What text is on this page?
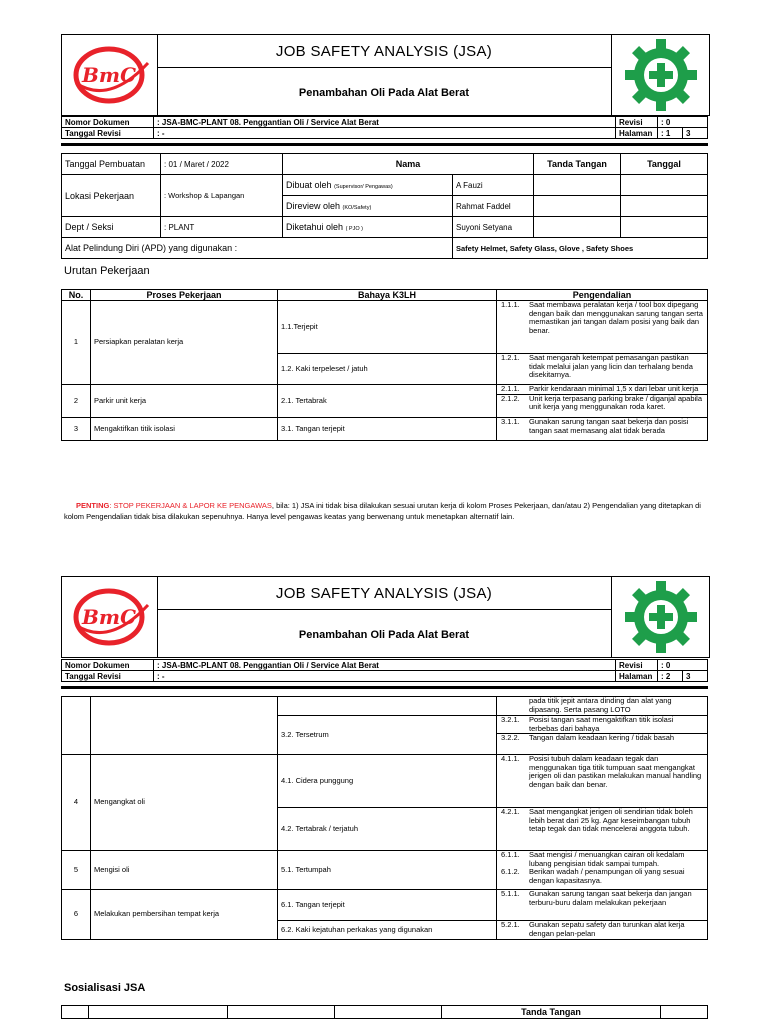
BmC
JOB SAFETY ANALYSIS (JSA)
Penambahan Oli Pada Alat Berat
Nomor Dokumen	: JSA-BMC-PLANT 08. Penggantian Oli / Service Alat Berat	Revisi	: 0	
Tanggal Revisi	: -	Halaman	: 1	3
Tanggal Pembuatan	: 01 / Maret / 2022	Nama		Tanda Tangan	Tanggal
Lokasi Pekerjaan	: Workshop & Lapangan	Dibuat oleh (Supervisor/ Pengawas)	A Fauzi		
		Direview oleh (KO/Safety)	Rahmat Faddel		
Dept / Seksi	: PLANT	Diketahui oleh ( PJO )	Suyoni Setyana		
Alat Pelindung Diri (APD) yang digunakan :			Safety Helmet, Safety Glass, Glove , Safety Shoes		
Urutan Pekerjaan
No.	Proses Pekerjaan	Bahaya K3LH	Pengendalian
1	Persiapkan peralatan kerja	1.1.Terjepit	1.1.1. Saat membawa peralatan kerja / tool box dipegang dengan baik dan menggunakan sarung tangan serta memastikan jari tangan dalam posisi yang baik dan benar.

		1.2. Kaki terpeleset / jatuh	1.2.1. Saat mengarah ketempat pemasangan pastikan tidak melalui jalan yang licin dan terhalang benda disekitarnya.

2	Parkir unit kerja	2.1. Tertabrak	2.1.1. Parkir kendaraan minimal 1,5 x dari lebar unit kerja
2.1.2. Unit kerja terpasang parking brake / diganjal apabila unit kerja yang menggunakan roda karet.

3	Mengaktifkan titik isolasi	3.1. Tangan terjepit	3.1.1. Gunakan sarung tangan saat bekerja dan posisi tangan saat memasang alat tidak berada
PENTING: STOP PEKERJAAN & LAPOR KE PENGAWAS, bila: 1) JSA ini tidak bisa dilakukan sesuai urutan kerja di kolom Proses Pekerjaan, dan/atau 2) Pengendalian yang ditetapkan di kolom Pengendalian tidak bisa dilakukan sepenuhnya. Hanya level pengawas keatas yang berwenang untuk menetapkan alternatif lain.
BmC
JOB SAFETY ANALYSIS (JSA)
Penambahan Oli Pada Alat Berat
Nomor Dokumen	: JSA-BMC-PLANT 08. Penggantian Oli / Service Alat Berat	Revisi	: 0	
Tanggal Revisi	: -	Halaman	: 2	3

			pada titik jepit antara dinding dan alat yang dipasang. Serta pasang LOTO

		3.2. Tersetrum	3.2.1. Posisi tangan saat mengaktifkan titik isolasi terbebas dari bahaya
3.2.2. Tangan dalam keadaan kering / tidak basah

4	Mengangkat oli	4.1. Cidera punggung	4.1.1. Posisi tubuh dalam keadaan tegak dan menggunakan tiga titik tumpuan saat mengangkat jerigen oli dan pastikan melakukan manual handling dengan baik dan benar.

		4.2. Tertabrak / terjatuh	4.2.1. Saat mengangkat jerigen oli sendirian tidak boleh lebih berat dari 25 kg. Agar keseimbangan tubuh tetap tegak dan tidak mencelerai anggota tubuh.

5	Mengisi oli	5.1. Tertumpah	6.1.1. Saat mengisi / menuangkan cairan oli kedalam lubang pengisian tidak sampai tumpah.
6.1.2. Berikan wadah / penampungan oli yang sesuai dengan kapasitasnya.

6	Melakukan pembersihan tempat kerja	6.1. Tangan terjepit	5.1.1. Gunakan sarung tangan saat bekerja dan jangan terburu-buru dalam melakukan pekerjaan

		6.2. Kaki kejatuhan perkakas yang digunakan	5.2.1. Gunakan sepatu safety dan turunkan alat kerja dengan pelan-pelan
Sosialisasi JSA
				Tanda Tangan	
